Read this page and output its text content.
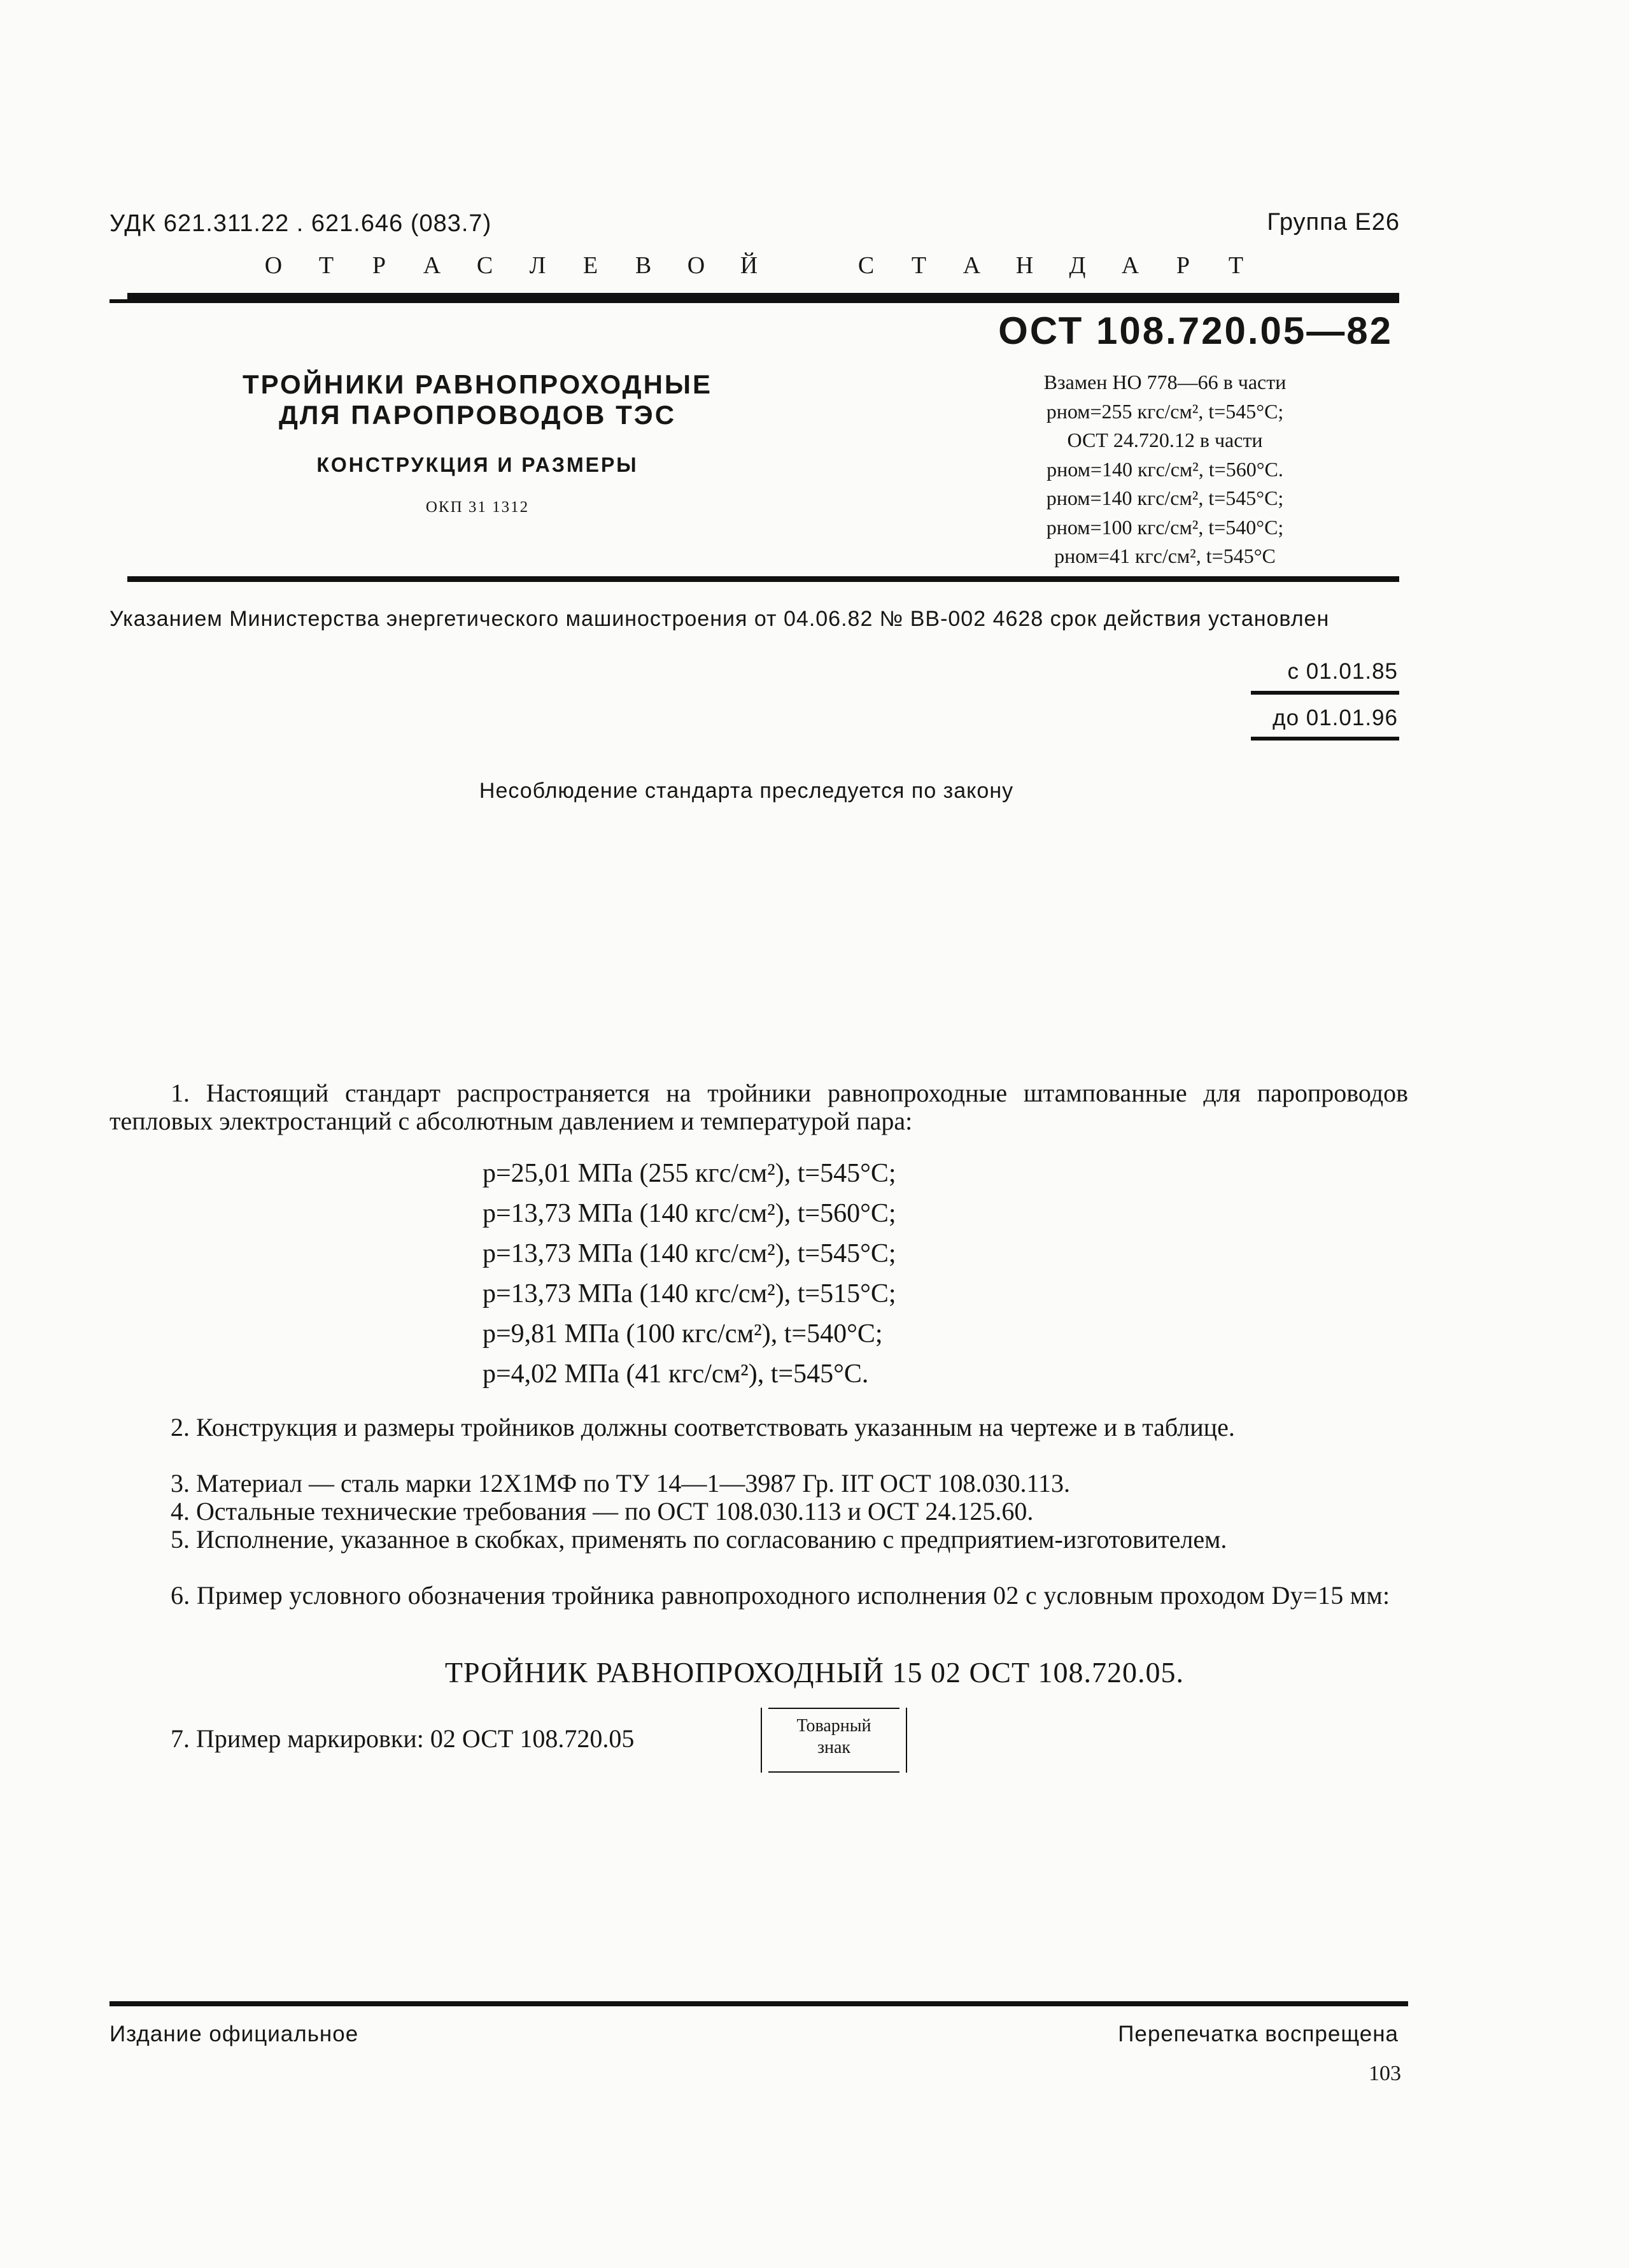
УДК 621.311.22 . 621.646 (083.7)	Группа Е26
О Т Р А С Л Е В О Й	С Т А Н Д А Р Т
ОСТ 108.720.05—82
ТРОЙНИКИ РАВНОПРОХОДНЫЕ
ДЛЯ ПАРОПРОВОДОВ ТЭС
КОНСТРУКЦИЯ И РАЗМЕРЫ
ОКП 31 1312
Взамен НО 778—66 в части
pном=255 кгс/см², t=545°С;
ОСТ 24.720.12 в части
pном=140 кгс/см², t=560°С.
pном=140 кгс/см², t=545°С;
pном=100 кгс/см², t=540°С;
pном=41 кгс/см², t=545°С
Указанием Министерства энергетического машиностроения от 04.06.82 № ВВ-002 4628 срок действия установлен
с 01.01.85
до 01.01.96
Несоблюдение стандарта преследуется по закону
1. Настоящий стандарт распространяется на тройники равнопроходные штампованные для паропроводов тепловых электростанций с абсолютным давлением и температурой пара:
p=25,01 МПа (255 кгс/см²), t=545°С;
p=13,73 МПа (140 кгс/см²), t=560°С;
p=13,73 МПа (140 кгс/см²), t=545°С;
p=13,73 МПа (140 кгс/см²), t=515°С;
p=9,81 МПа (100 кгс/см²), t=540°С;
p=4,02 МПа (41 кгс/см²), t=545°С.
2. Конструкция и размеры тройников должны соответствовать указанным на чертеже и в таблице.
3. Материал — сталь марки 12Х1МФ по ТУ 14—1—3987 Гр. IIТ ОСТ 108.030.113.
4. Остальные технические требования — по ОСТ 108.030.113 и ОСТ 24.125.60.
5. Исполнение, указанное в скобках, применять по согласованию с предприятием-изготовителем.
6. Пример условного обозначения тройника равнопроходного исполнения 02 с условным проходом Dу=15 мм:
ТРОЙНИК РАВНОПРОХОДНЫЙ 15 02 ОСТ 108.720.05.
7. Пример маркировки: 02 ОСТ 108.720.05	Товарный
знак
Издание официальное	Перепечатка воспрещена
103
